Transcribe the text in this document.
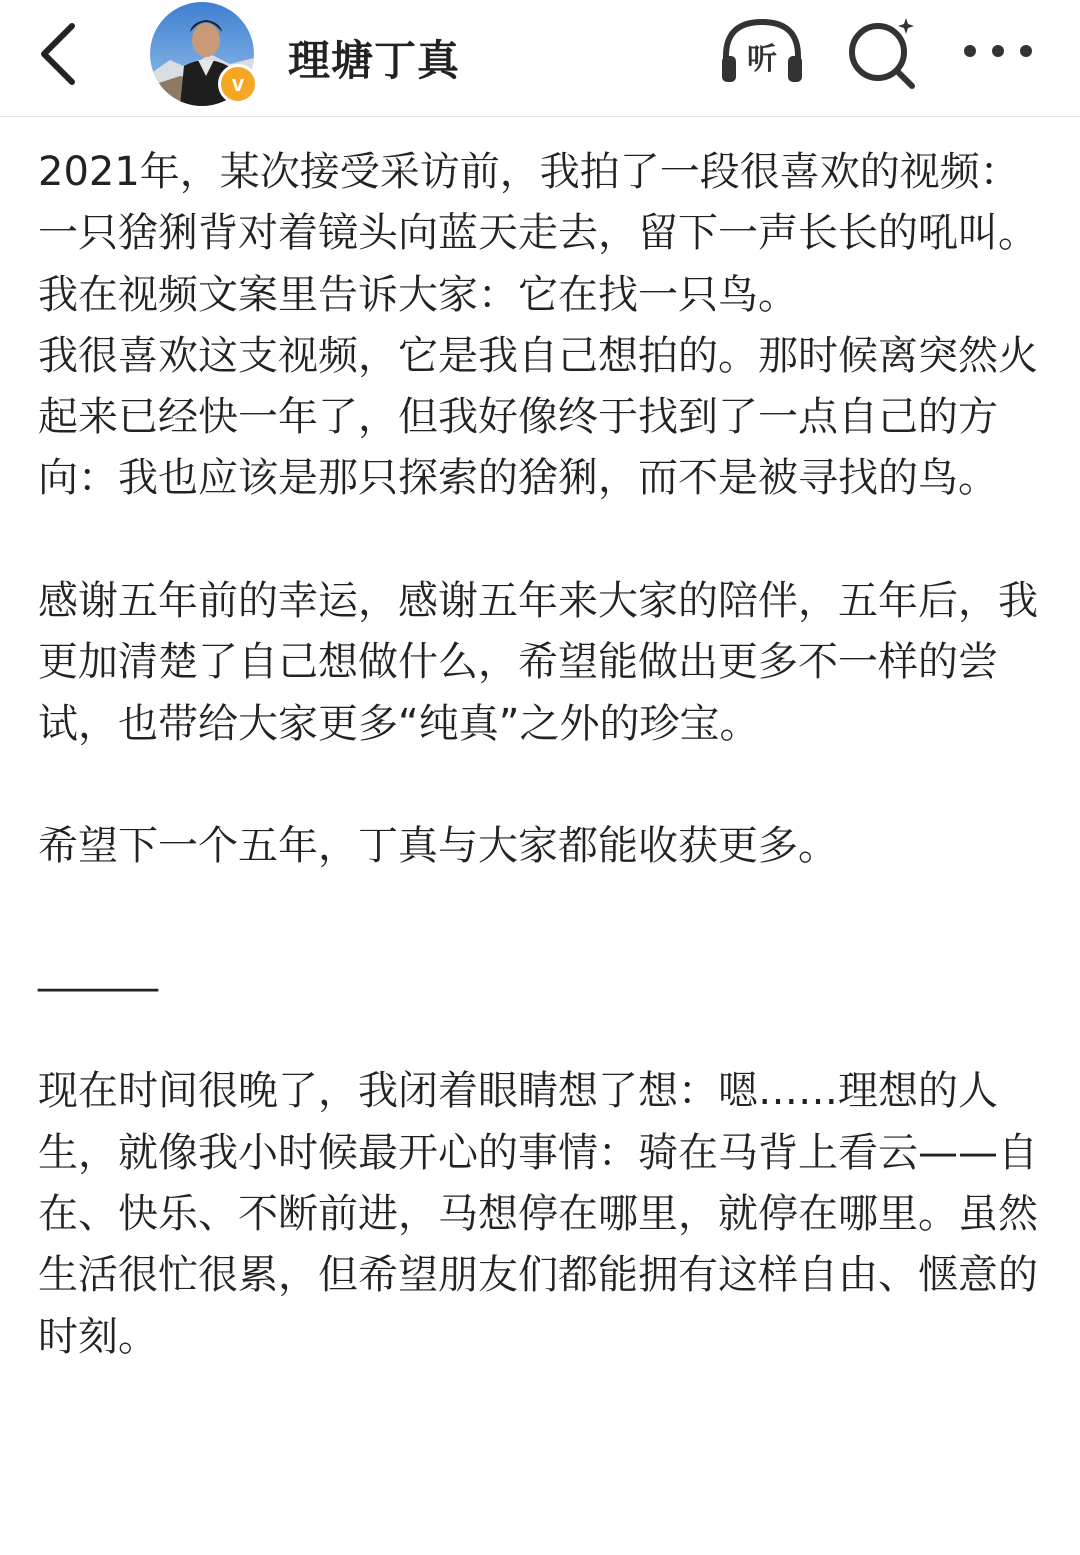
v	理塘丁真	听

2021年，某次接受采访前，我拍了一段很喜欢的视频：一只猞猁背对着镜头向蓝天走去，留下一声长长的吼叫。我在视频文案里告诉大家：它在找一只鸟。

我很喜欢这支视频，它是我自己想拍的。那时候离突然火起来已经快一年了，但我好像终于找到了一点自己的方向：我也应该是那只探索的猞猁，而不是被寻找的鸟。

感谢五年前的幸运，感谢五年来大家的陪伴，五年后，我更加清楚了自己想做什么，希望能做出更多不一样的尝试，也带给大家更多“纯真”之外的珍宝。

希望下一个五年，丁真与大家都能收获更多。

______

现在时间很晚了，我闭着眼睛想了想：嗯……理想的人生，就像我小时候最开心的事情：骑在马背上看云——自在、快乐、不断前进，马想停在哪里，就停在哪里。虽然生活很忙很累，但希望朋友们都能拥有这样自由、惬意的时刻。
